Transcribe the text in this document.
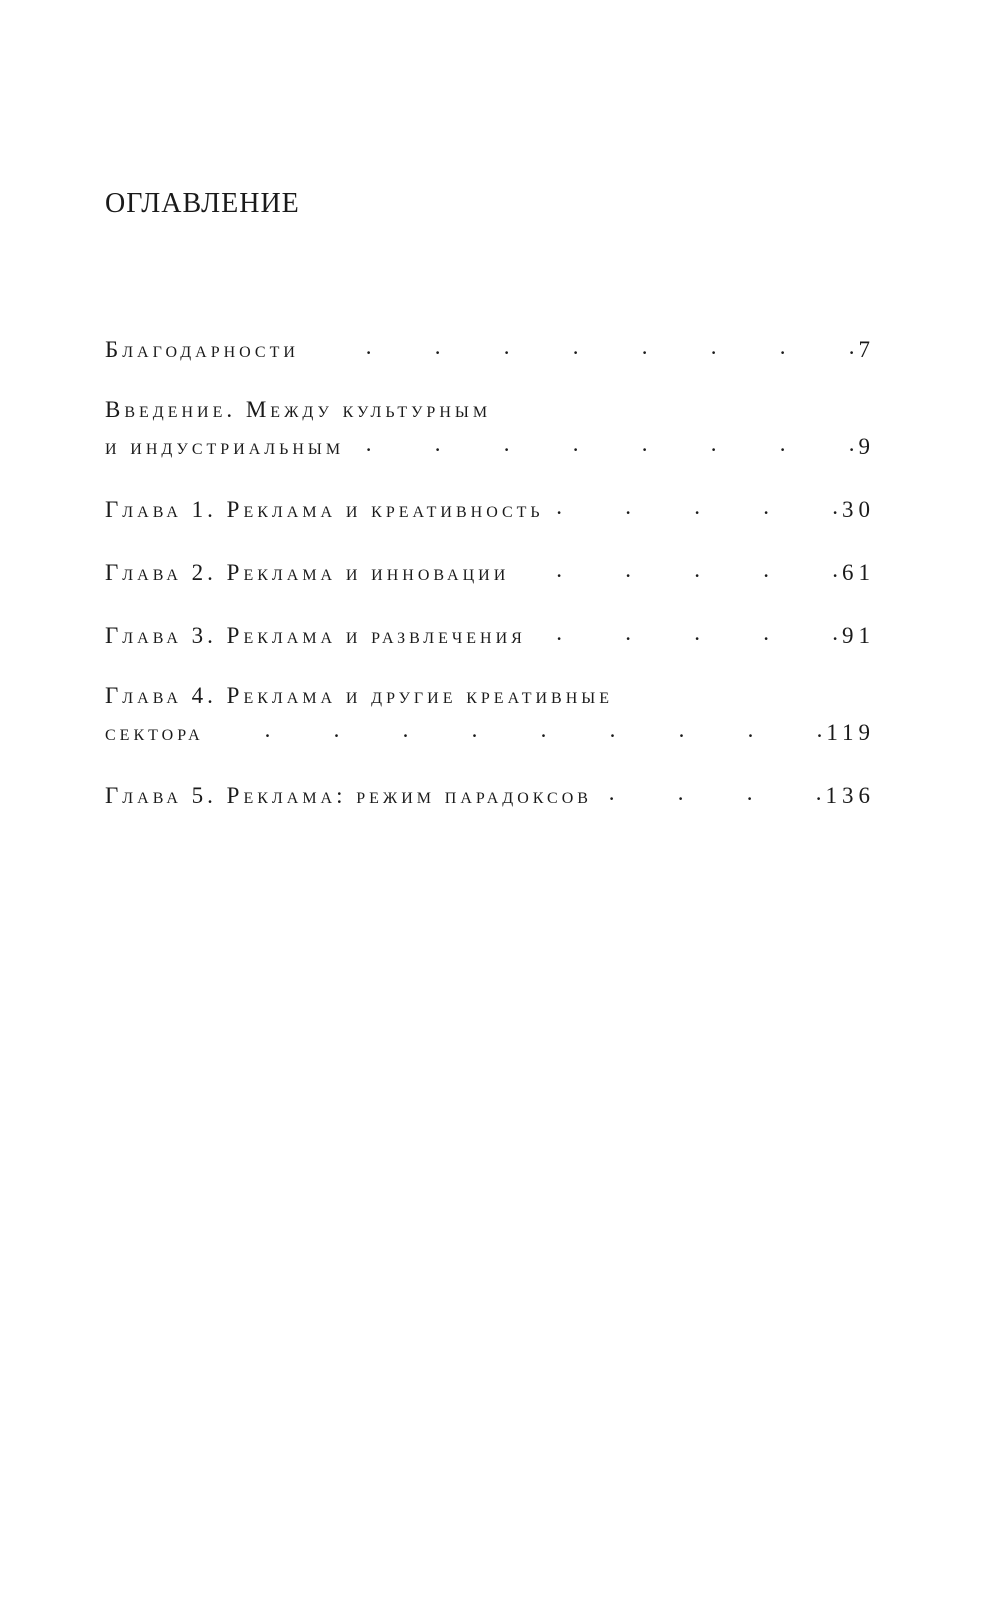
ОГЛАВЛЕНИЕ
Благодарности .	7
Введение. Между культурным
и индустриальным .	9
Глава 1. Реклама и креативность .	30
Глава 2. Реклама и инновации .	61
Глава 3. Реклама и развлечения .	91
Глава 4. Реклама и другие креативные
сектора .	119
Глава 5. Реклама: режим парадоксов .	136
